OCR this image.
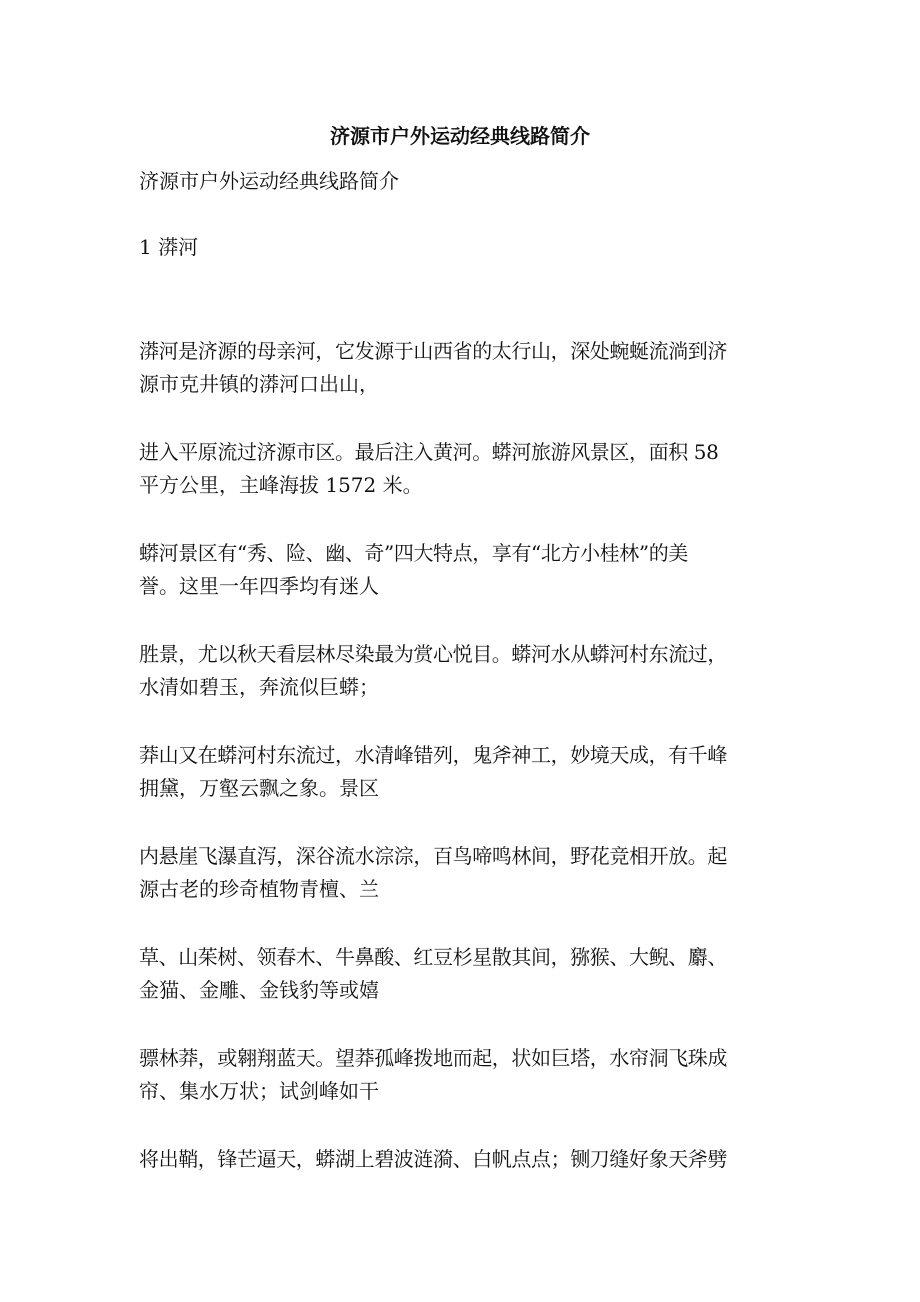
济源市户外运动经典线路简介
济源市户外运动经典线路简介
1 漭河
漭河是济源的母亲河，它发源于山西省的太行山，深处蜿蜒流淌到济
源市克井镇的漭河口出山，
进入平原流过济源市区。最后注入黄河。蟒河旅游风景区，面积 58
平方公里，主峰海拔 1572 米。
蟒河景区有“秀、险、幽、奇”四大特点，享有“北方小桂林”的美
誉。这里一年四季均有迷人
胜景，尤以秋天看层林尽染最为赏心悦目。蟒河水从蟒河村东流过，
水清如碧玉，奔流似巨蟒；
莽山又在蟒河村东流过，水清峰错列，鬼斧神工，妙境天成，有千峰
拥黛，万壑云飘之象。景区
内悬崖飞瀑直泻，深谷流水淙淙，百鸟啼鸣林间，野花竞相开放。起
源古老的珍奇植物青檀、兰
草、山茱树、领春木、牛鼻酸、红豆杉星散其间，猕猴、大鲵、麝、
金猫、金雕、金钱豹等或嬉
骠林莽，或翱翔蓝天。望莽孤峰拨地而起，状如巨塔，水帘洞飞珠成
帘、集水万状；试剑峰如干
将出鞘，锋芒逼天，蟒湖上碧波涟漪、白帆点点；铡刀缝好象天斧劈
